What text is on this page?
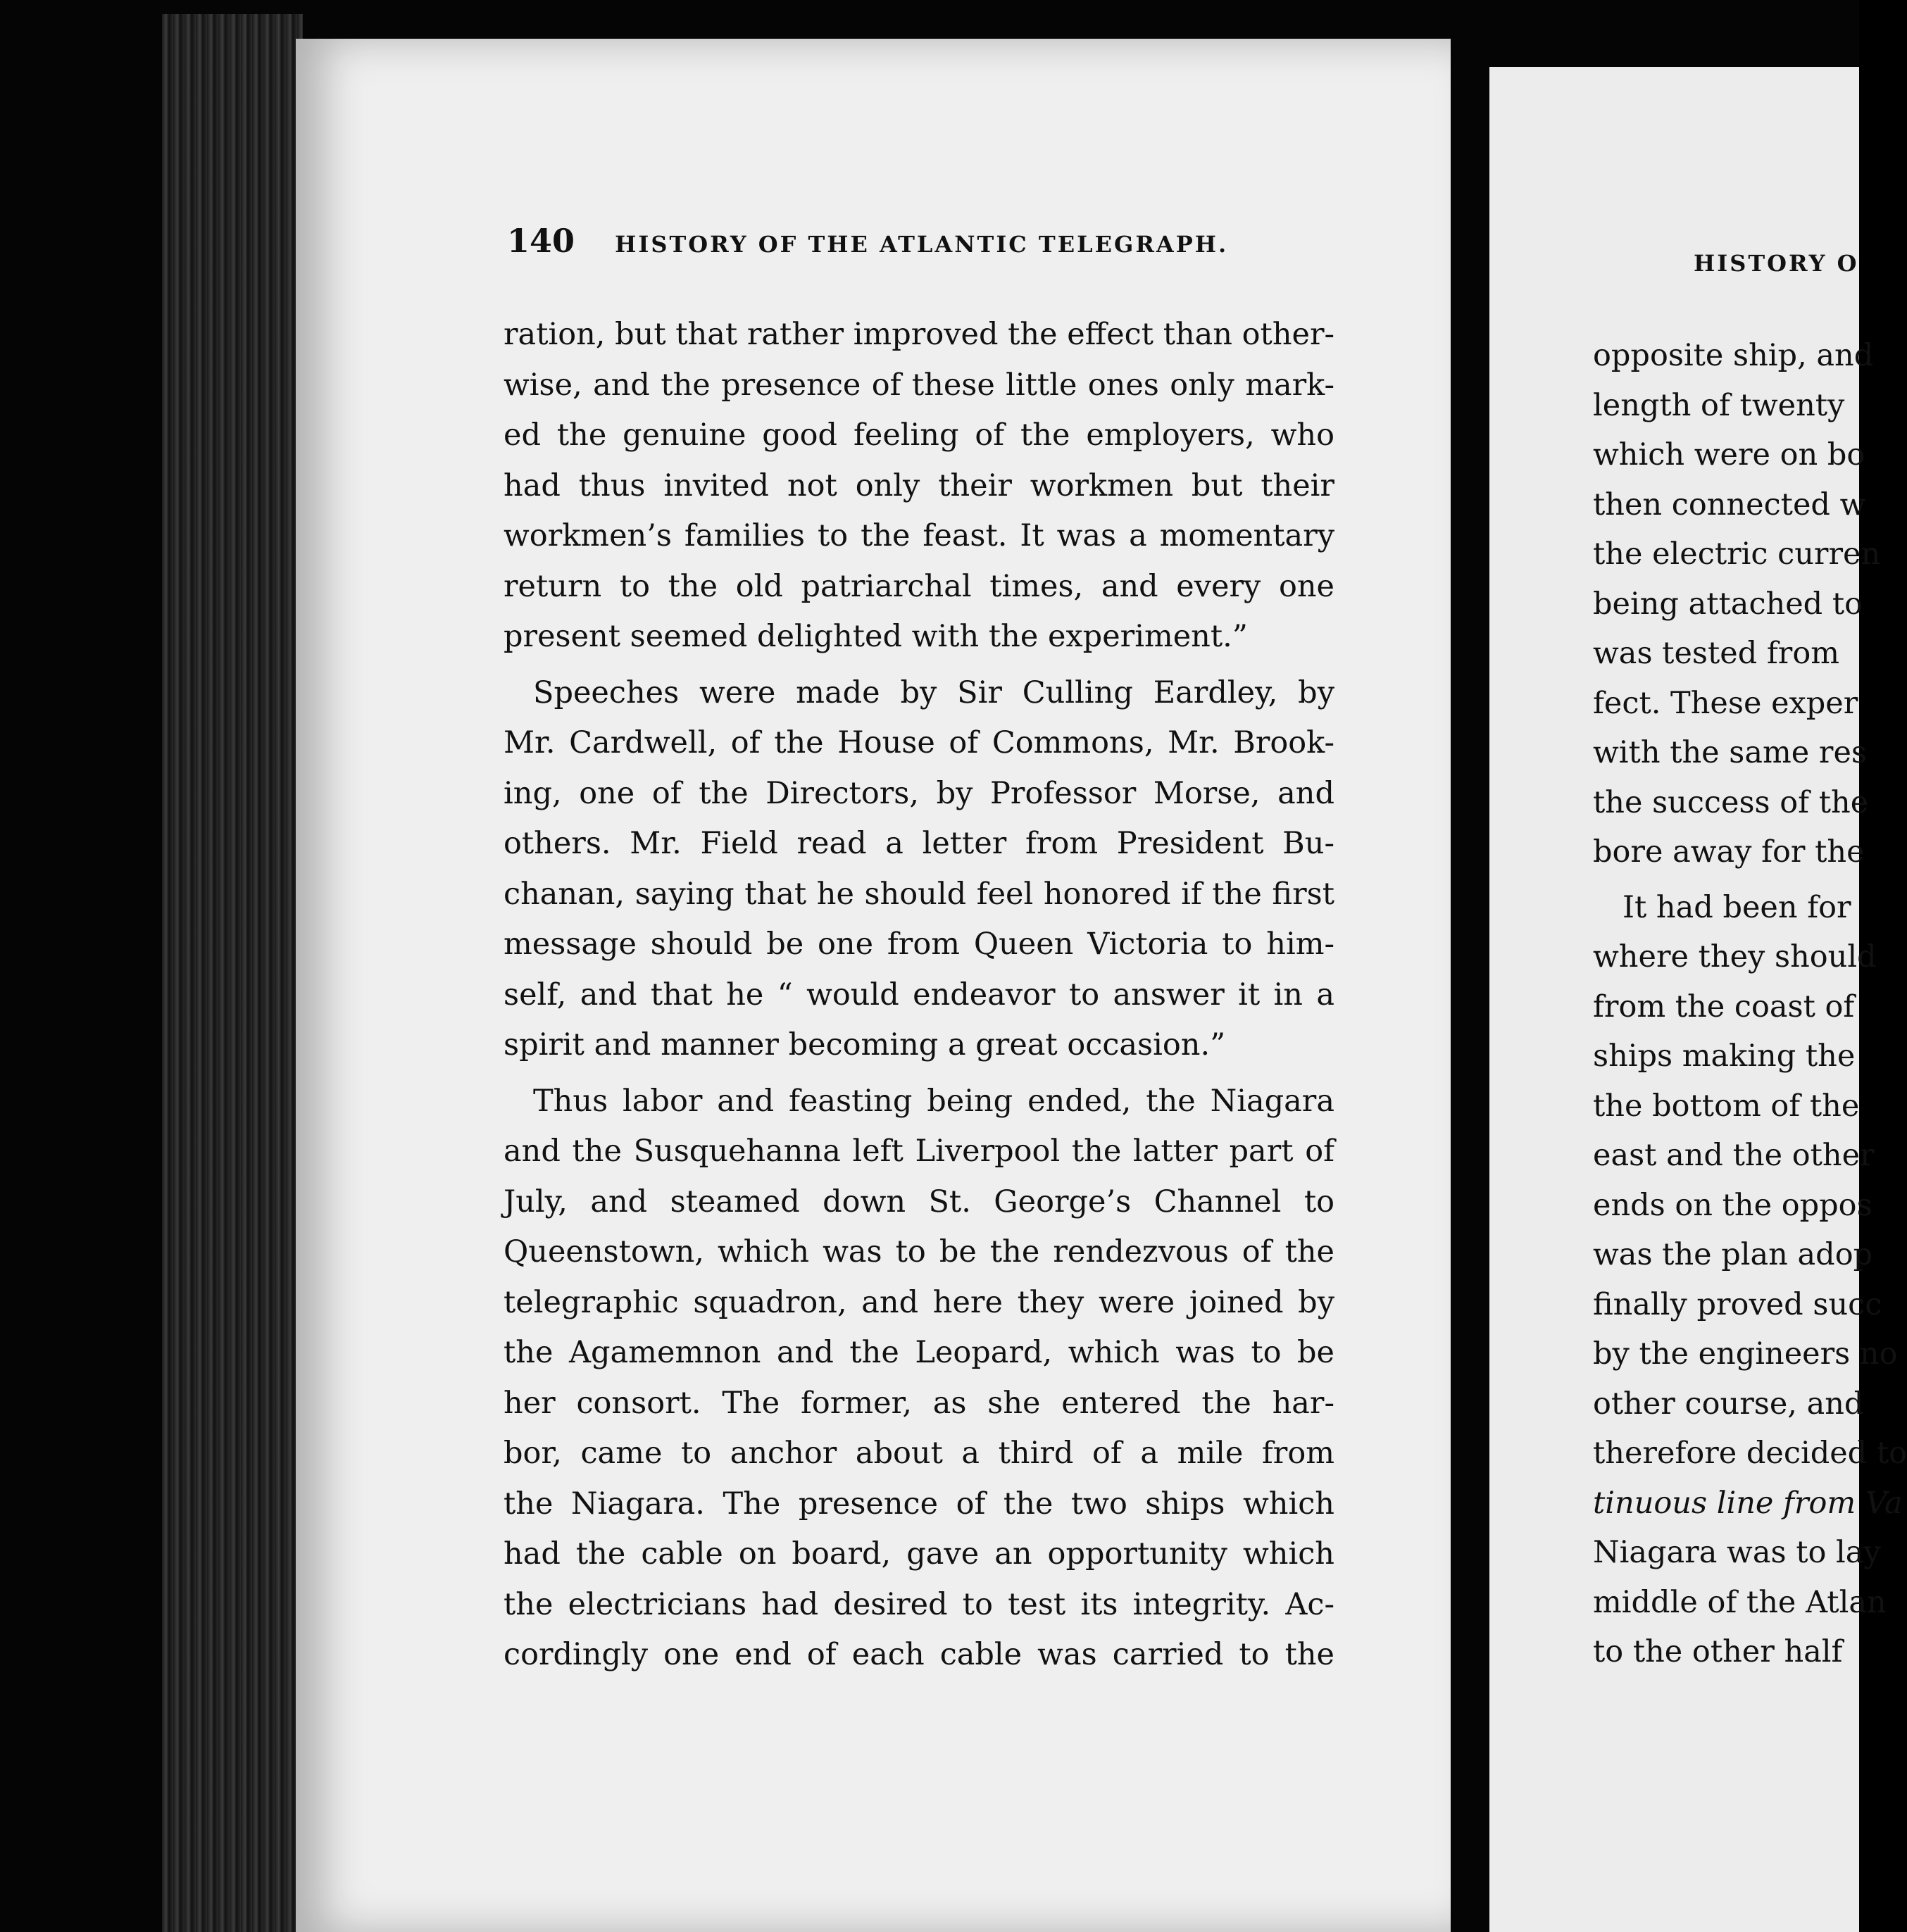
140 HISTORY OF THE ATLANTIC TELEGRAPH.
ration, but that rather improved the effect than other-
wise, and the presence of these little ones only mark-
ed the genuine good feeling of the employers, who
had thus invited not only their workmen but their
workmen’s families to the feast. It was a momentary
return to the old patriarchal times, and every one
present seemed delighted with the experiment.”
Speeches were made by Sir Culling Eardley, by
Mr. Cardwell, of the House of Commons, Mr. Brook-
ing, one of the Directors, by Professor Morse, and
others. Mr. Field read a letter from President Bu-
chanan, saying that he should feel honored if the first
message should be one from Queen Victoria to him-
self, and that he “ would endeavor to answer it in a
spirit and manner becoming a great occasion.”
Thus labor and feasting being ended, the Niagara
and the Susquehanna left Liverpool the latter part of
July, and steamed down St. George’s Channel to
Queenstown, which was to be the rendezvous of the
telegraphic squadron, and here they were joined by
the Agamemnon and the Leopard, which was to be
her consort. The former, as she entered the har-
bor, came to anchor about a third of a mile from
the Niagara. The presence of the two ships which
had the cable on board, gave an opportunity which
the electricians had desired to test its integrity. Ac-
cordingly one end of each cable was carried to the
HISTORY O
opposite ship, and
length of twenty
which were on bo
then connected w
the electric curren
being attached to
was tested from
fect. These exper
with the same res
the success of the
bore away for the
It had been for
where they should
from the coast of
ships making the
the bottom of the
east and the other
ends on the oppos
was the plan adop
finally proved succ
by the engineers no
other course, and
therefore decided to
tinuous line from Va
Niagara was to lay
middle of the Atlan
to the other half
